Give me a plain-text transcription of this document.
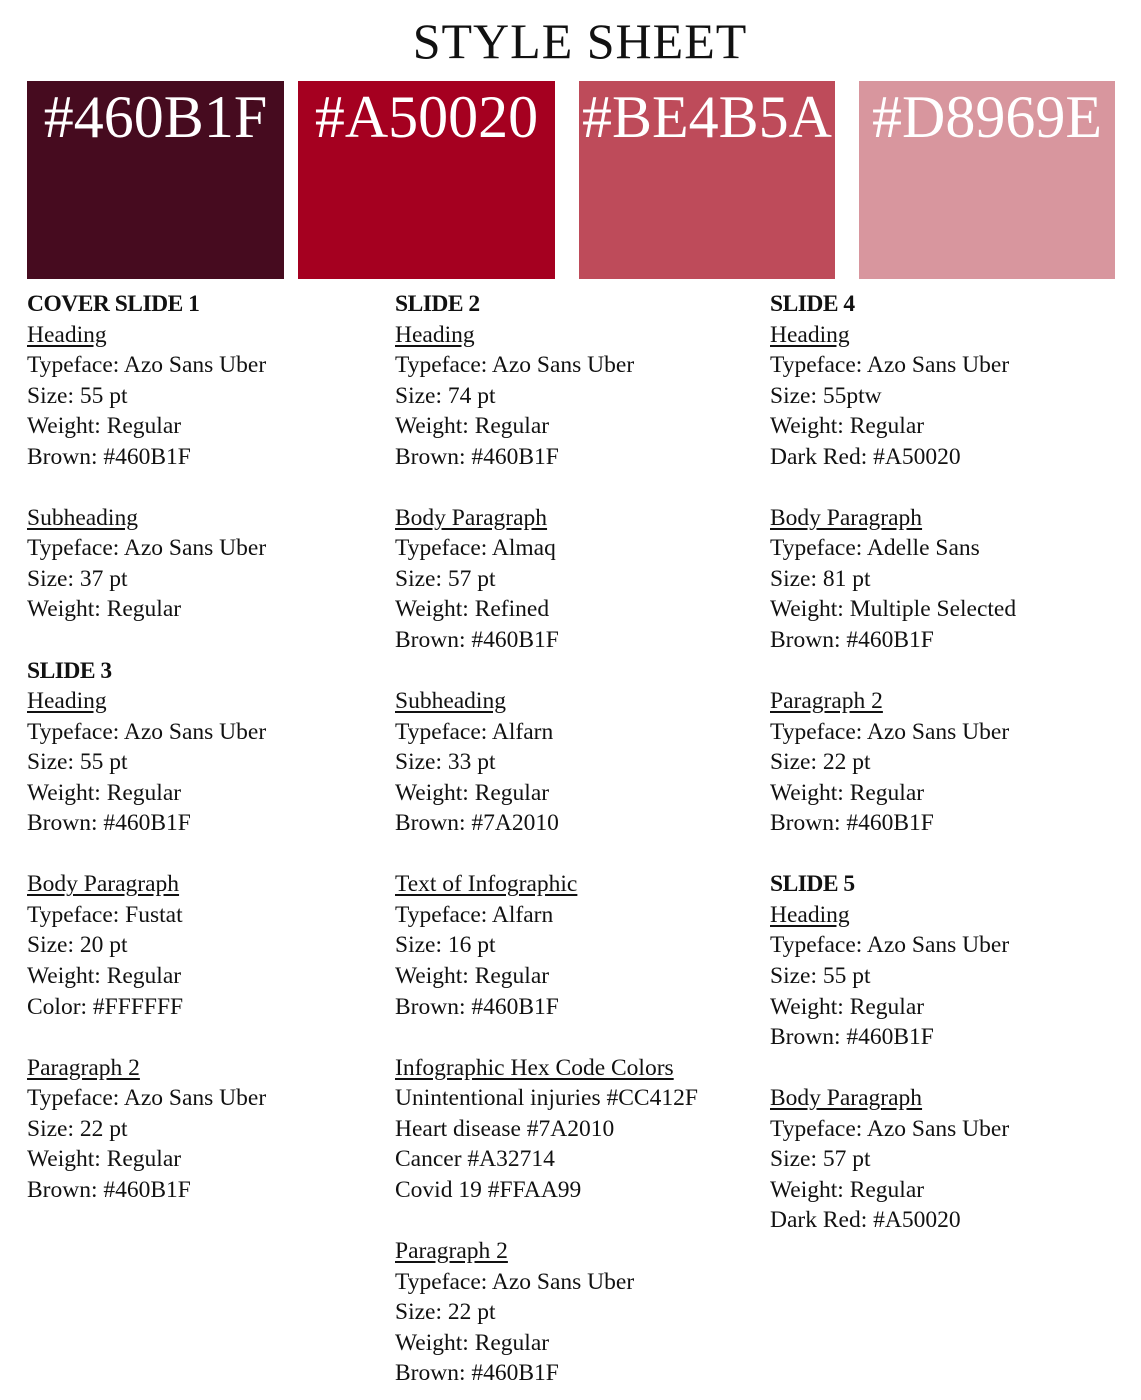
STYLE SHEET
#460B1F #A50020 #BE4B5A #D8969E
COVER SLIDE 1
Heading
Typeface: Azo Sans Uber
Size: 55 pt
Weight: Regular
Brown: #460B1F
Subheading
Typeface: Azo Sans Uber
Size: 37 pt
Weight: Regular
SLIDE 3
Heading
Typeface: Azo Sans Uber
Size: 55 pt
Weight: Regular
Brown: #460B1F
Body Paragraph
Typeface: Fustat
Size: 20 pt
Weight: Regular
Color: #FFFFFF
Paragraph 2
Typeface: Azo Sans Uber
Size: 22 pt
Weight: Regular
Brown: #460B1F
SLIDE 2
Heading
Typeface: Azo Sans Uber
Size: 74 pt
Weight: Regular
Brown: #460B1F
Body Paragraph
Typeface: Almaq
Size: 57 pt
Weight: Refined
Brown: #460B1F
Subheading
Typeface: Alfarn
Size: 33 pt
Weight: Regular
Brown: #7A2010
Text of Infographic
Typeface: Alfarn
Size: 16 pt
Weight: Regular
Brown: #460B1F
Infographic Hex Code Colors
Unintentional injuries #CC412F
Heart disease #7A2010
Cancer #A32714
Covid 19 #FFAA99
Paragraph 2
Typeface: Azo Sans Uber
Size: 22 pt
Weight: Regular
Brown: #460B1F
SLIDE 4
Heading
Typeface: Azo Sans Uber
Size: 55ptw
Weight: Regular
Dark Red: #A50020
Body Paragraph
Typeface: Adelle Sans
Size: 81 pt
Weight: Multiple Selected
Brown: #460B1F
Paragraph 2
Typeface: Azo Sans Uber
Size: 22 pt
Weight: Regular
Brown: #460B1F
SLIDE 5
Heading
Typeface: Azo Sans Uber
Size: 55 pt
Weight: Regular
Brown: #460B1F
Body Paragraph
Typeface: Azo Sans Uber
Size: 57 pt
Weight: Regular
Dark Red: #A50020
